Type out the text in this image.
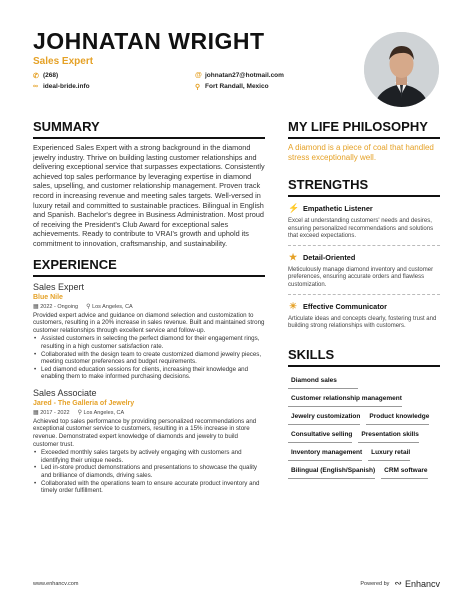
JOHNATAN WRIGHT
Sales Expert
✆ (268)	@ johnatan27@hotmail.com
∞ ideal-bride.info	⚲ Fort Randall, Mexico
SUMMARY
Experienced Sales Expert with a strong background in the diamond jewelry industry. Thrive on building lasting customer relationships and delivering exceptional service that surpasses expectations. Consistently achieved top sales performance by leveraging expertise in diamond sales, upselling, and customer relationship management. Proven track record in increasing revenue and meeting sales targets. Well-versed in luxury retail and committed to sustainable practices. Bilingual in English and Spanish. Bachelor's degree in Business Administration. Most proud of receiving the President's Club Award for exceptional sales achievements. Ready to contribute to VRAI's growth and uphold its commitment to innovation, craftsmanship, and sustainability.
EXPERIENCE
Sales Expert
Blue Nile
▦ 2022 - Ongoing ⚲ Los Angeles, CA
Provided expert advice and guidance on diamond selection and customization to customers, resulting in a 20% increase in sales revenue. Built and maintained strong customer relationships through excellent service and follow-up.
• Assisted customers in selecting the perfect diamond for their engagement rings, resulting in a high customer satisfaction rate.
• Collaborated with the design team to create customized diamond jewelry pieces, meeting customer preferences and budget requirements.
• Led diamond education sessions for clients, increasing their knowledge and enabling them to make informed purchasing decisions.
Sales Associate
Jared - The Galleria of Jewelry
▦ 2017 - 2022 ⚲ Los Angeles, CA
Achieved top sales performance by providing personalized recommendations and exceptional customer service to customers, resulting in a 15% increase in store revenue. Demonstrated expert knowledge of diamonds and jewelry to build customer trust.
• Exceeded monthly sales targets by actively engaging with customers and identifying their unique needs.
• Led in-store product demonstrations and presentations to showcase the quality and brilliance of diamonds, driving sales.
• Collaborated with the operations team to ensure accurate product inventory and timely order fulfillment.
MY LIFE PHILOSOPHY
A diamond is a piece of coal that handled stress exceptionally well.
STRENGTHS
⚡ Empathetic Listener
Excel at understanding customers' needs and desires, ensuring personalized recommendations and solutions that exceed expectations.
★ Detail-Oriented
Meticulously manage diamond inventory and customer preferences, ensuring accurate orders and flawless customization.
☀ Effective Communicator
Articulate ideas and concepts clearly, fostering trust and building strong relationships with customers.
SKILLS
Diamond sales
Customer relationship management
Jewelry customization	Product knowledge
Consultative selling	Presentation skills
Inventory management	Luxury retail
Bilingual (English/Spanish)	CRM software
www.enhancv.com	Powered by ∾ Enhancv
